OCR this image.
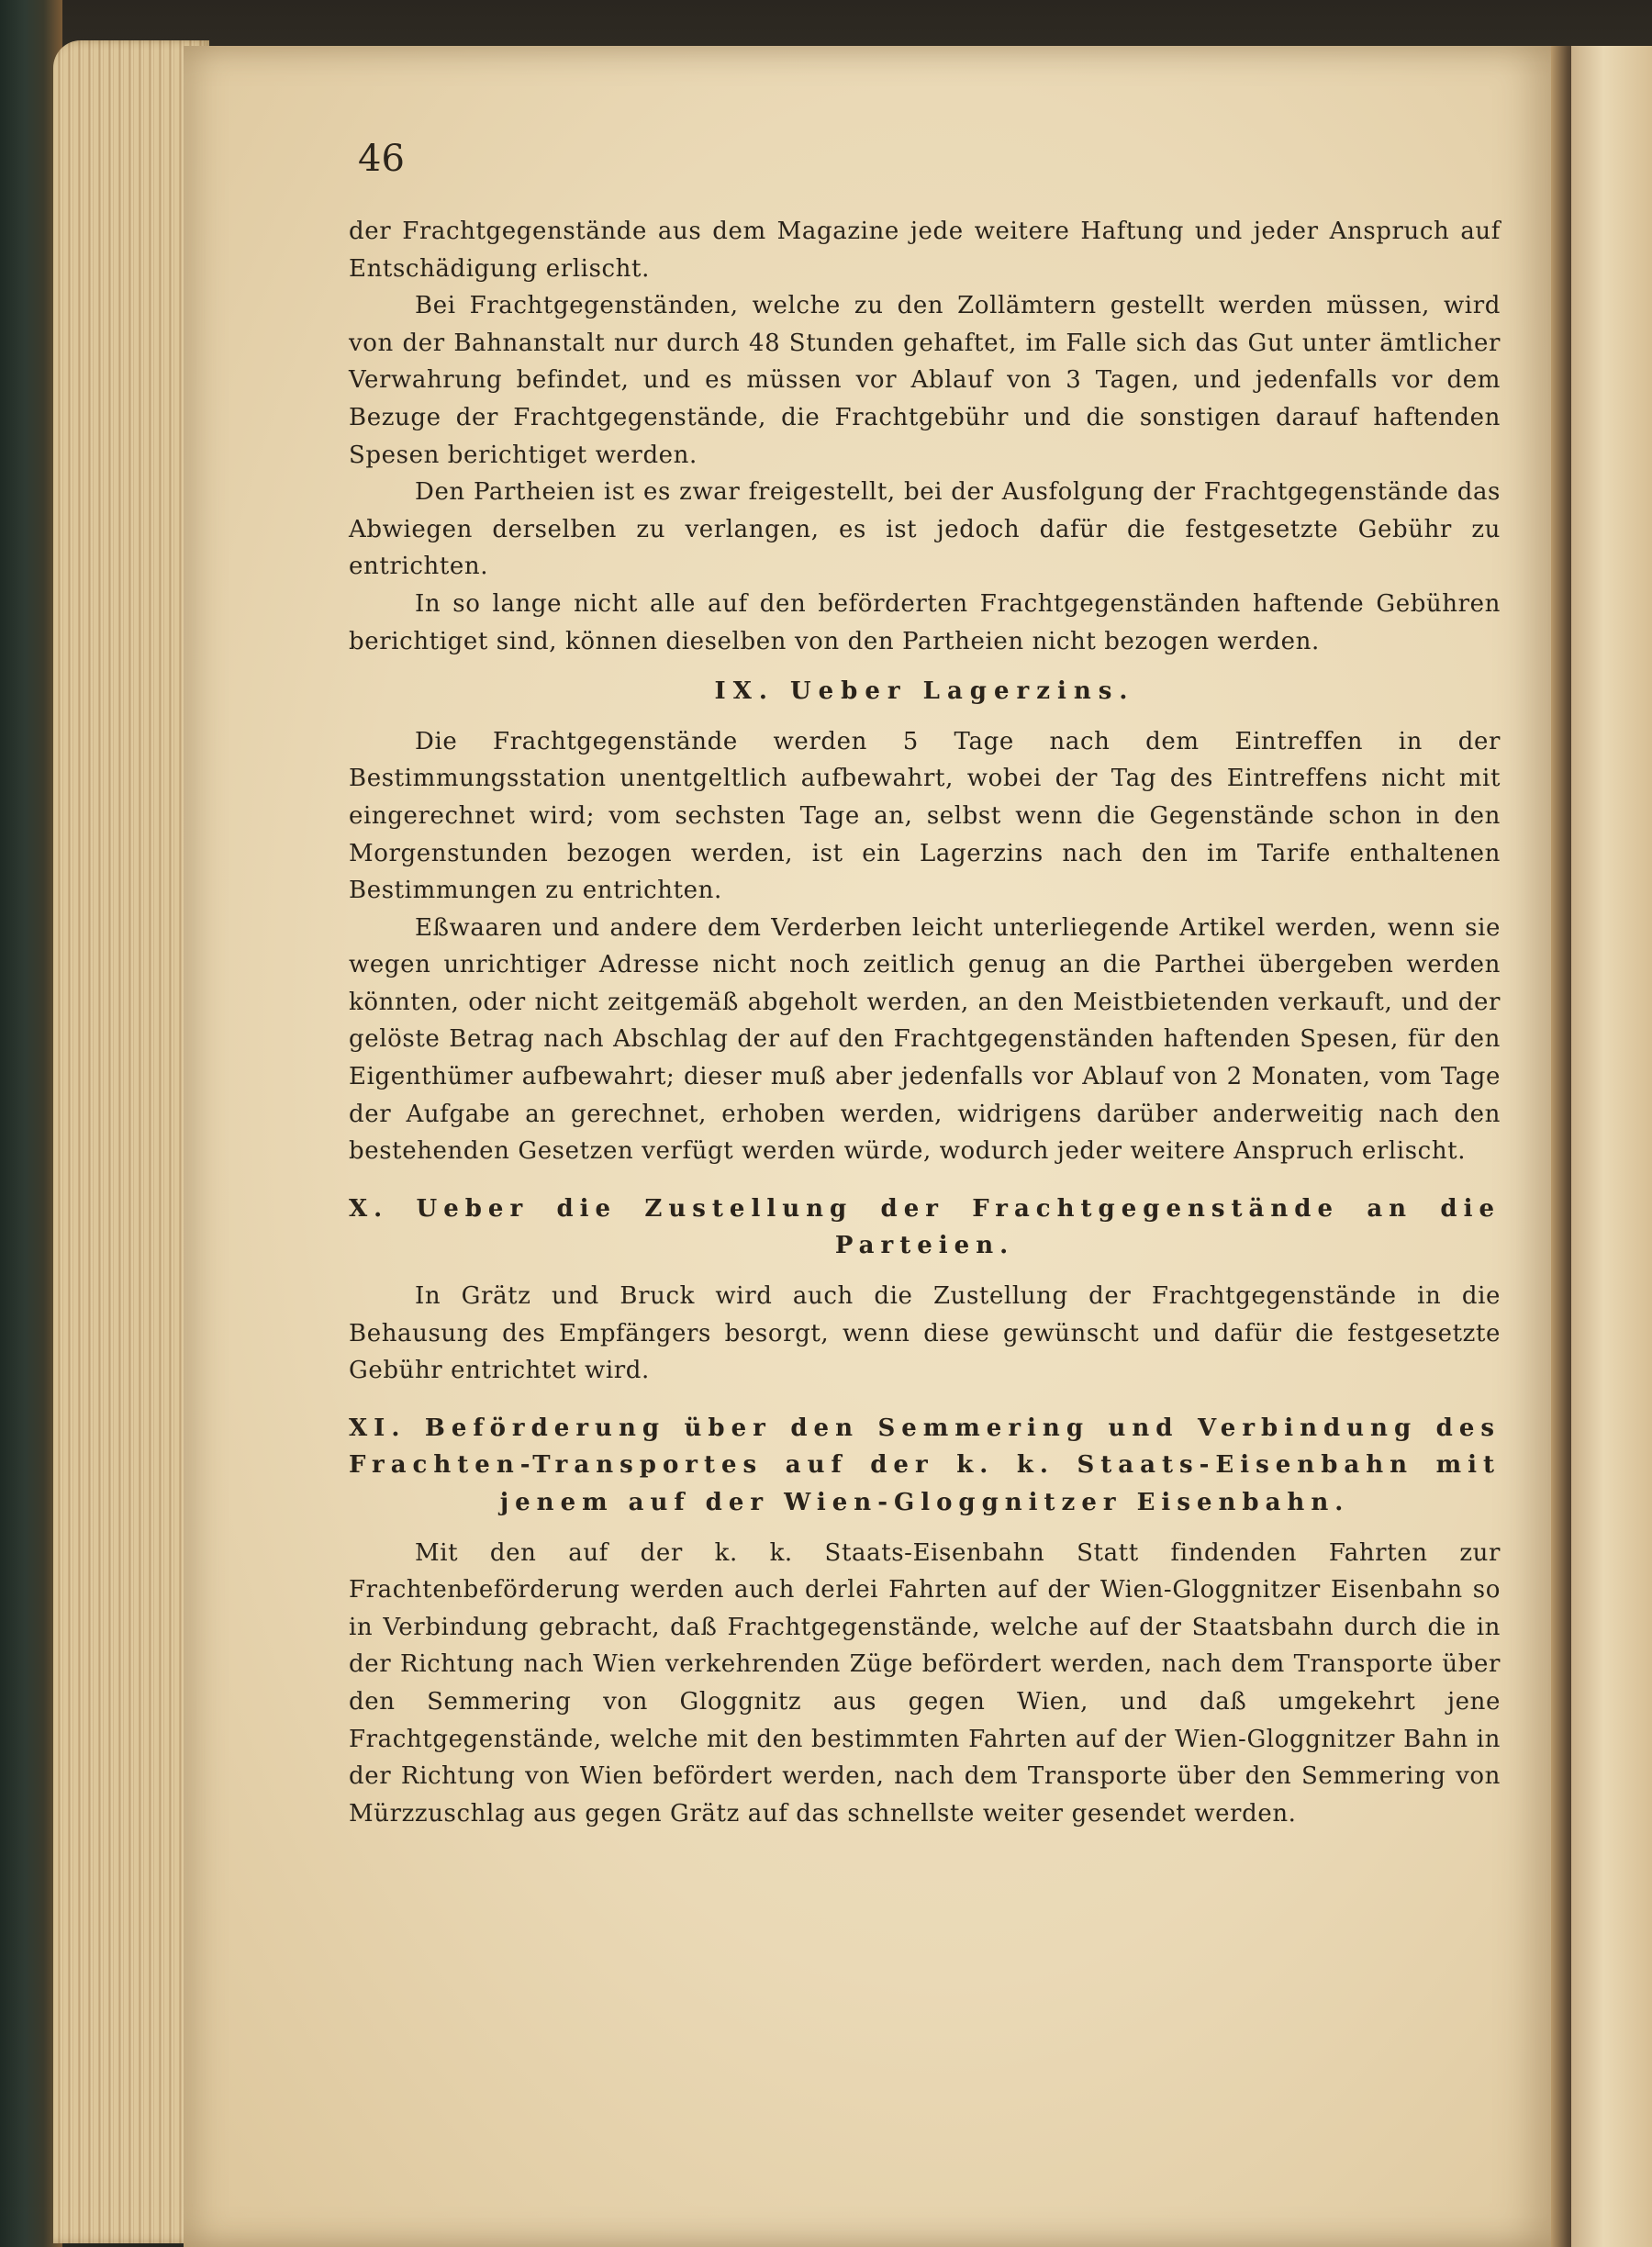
46

der Frachtgegenstände aus dem Magazine jede weitere Haftung und jeder Anspruch auf Entschädigung erlischt.

Bei Frachtgegenständen, welche zu den Zollämtern gestellt werden müssen, wird von der Bahnanstalt nur durch 48 Stunden gehaftet, im Falle sich das Gut unter ämtlicher Verwahrung befindet, und es müssen vor Ablauf von 3 Tagen, und jedenfalls vor dem Bezuge der Frachtgegenstände, die Frachtgebühr und die sonstigen darauf haftenden Spesen berichtiget werden.

Den Partheien ist es zwar freigestellt, bei der Ausfolgung der Frachtgegenstände das Abwiegen derselben zu verlangen, es ist jedoch dafür die festgesetzte Gebühr zu entrichten.

In so lange nicht alle auf den beförderten Frachtgegenständen haftende Gebühren berichtiget sind, können dieselben von den Partheien nicht bezogen werden.

IX. Ueber Lagerzins.

Die Frachtgegenstände werden 5 Tage nach dem Eintreffen in der Bestimmungsstation unentgeltlich aufbewahrt, wobei der Tag des Eintreffens nicht mit eingerechnet wird; vom sechsten Tage an, selbst wenn die Gegenstände schon in den Morgenstunden bezogen werden, ist ein Lagerzins nach den im Tarife enthaltenen Bestimmungen zu entrichten.

Eßwaaren und andere dem Verderben leicht unterliegende Artikel werden, wenn sie wegen unrichtiger Adresse nicht noch zeitlich genug an die Parthei übergeben werden könnten, oder nicht zeitgemäß abgeholt werden, an den Meistbietenden verkauft, und der gelöste Betrag nach Abschlag der auf den Frachtgegenständen haftenden Spesen, für den Eigenthümer aufbewahrt; dieser muß aber jedenfalls vor Ablauf von 2 Monaten, vom Tage der Aufgabe an gerechnet, erhoben werden, widrigens darüber anderweitig nach den bestehenden Gesetzen verfügt werden würde, wodurch jeder weitere Anspruch erlischt.

X. Ueber die Zustellung der Frachtgegenstände an die Parteien.

In Grätz und Bruck wird auch die Zustellung der Frachtgegenstände in die Behausung des Empfängers besorgt, wenn diese gewünscht und dafür die festgesetzte Gebühr entrichtet wird.

XI. Beförderung über den Semmering und Verbindung des Frachten-Transportes auf der k. k. Staats-Eisenbahn mit jenem auf der Wien-Gloggnitzer Eisenbahn.

Mit den auf der k. k. Staats-Eisenbahn Statt findenden Fahrten zur Frachtenbeförderung werden auch derlei Fahrten auf der Wien-Gloggnitzer Eisenbahn so in Verbindung gebracht, daß Frachtgegenstände, welche auf der Staatsbahn durch die in der Richtung nach Wien verkehrenden Züge befördert werden, nach dem Transporte über den Semmering von Gloggnitz aus gegen Wien, und daß umgekehrt jene Frachtgegenstände, welche mit den bestimmten Fahrten auf der Wien-Gloggnitzer Bahn in der Richtung von Wien befördert werden, nach dem Transporte über den Semmering von Mürzzuschlag aus gegen Grätz auf das schnellste weiter gesendet werden.
